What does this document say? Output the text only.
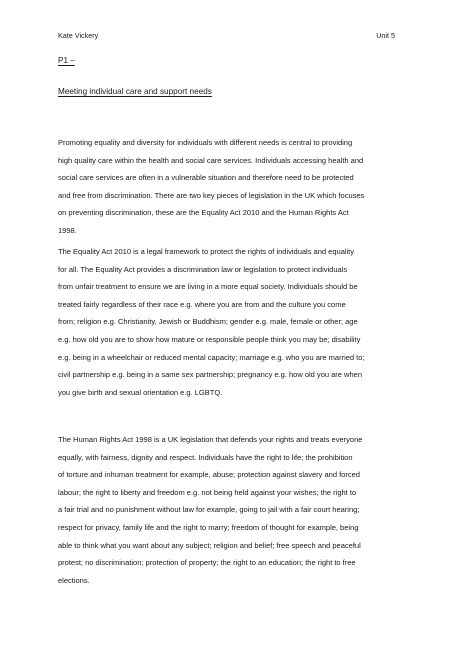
Kate Vickery	Unit 5
P1 –
Meeting individual care and support needs

Promoting equality and diversity for individuals with different needs is central to providing
high quality care within the health and social care services. Individuals accessing health and
social care services are often in a vulnerable situation and therefore need to be protected
and free from discrimination. There are two key pieces of legislation in the UK which focuses
on preventing discrimination, these are the Equality Act 2010 and the Human Rights Act
1998.

The Equality Act 2010 is a legal framework to protect the rights of individuals and equality
for all. The Equality Act provides a discrimination law or legislation to protect individuals
from unfair treatment to ensure we are living in a more equal society. Individuals should be
treated fairly regardless of their race e.g. where you are from and the culture you come
from; religion e.g. Christianity, Jewish or Buddhism; gender e.g. male, female or other; age
e.g. how old you are to show how mature or responsible people think you may be; disability
e.g. being in a wheelchair or reduced mental capacity; marriage e.g. who you are married to;
civil partnership e.g. being in a same sex partnership; pregnancy e.g. how old you are when
you give birth and sexual orientation e.g. LGBTQ.

The Human Rights Act 1998 is a UK legislation that defends your rights and treats everyone
equally, with fairness, dignity and respect. Individuals have the right to life; the prohibition
of torture and inhuman treatment for example, abuse; protection against slavery and forced
labour; the right to liberty and freedom e.g. not being held against your wishes; the right to
a fair trial and no punishment without law for example, going to jail with a fair court hearing;
respect for privacy, family life and the right to marry; freedom of thought for example, being
able to think what you want about any subject; religion and belief; free speech and peaceful
protest; no discrimination; protection of property; the right to an education; the right to free
elections.
